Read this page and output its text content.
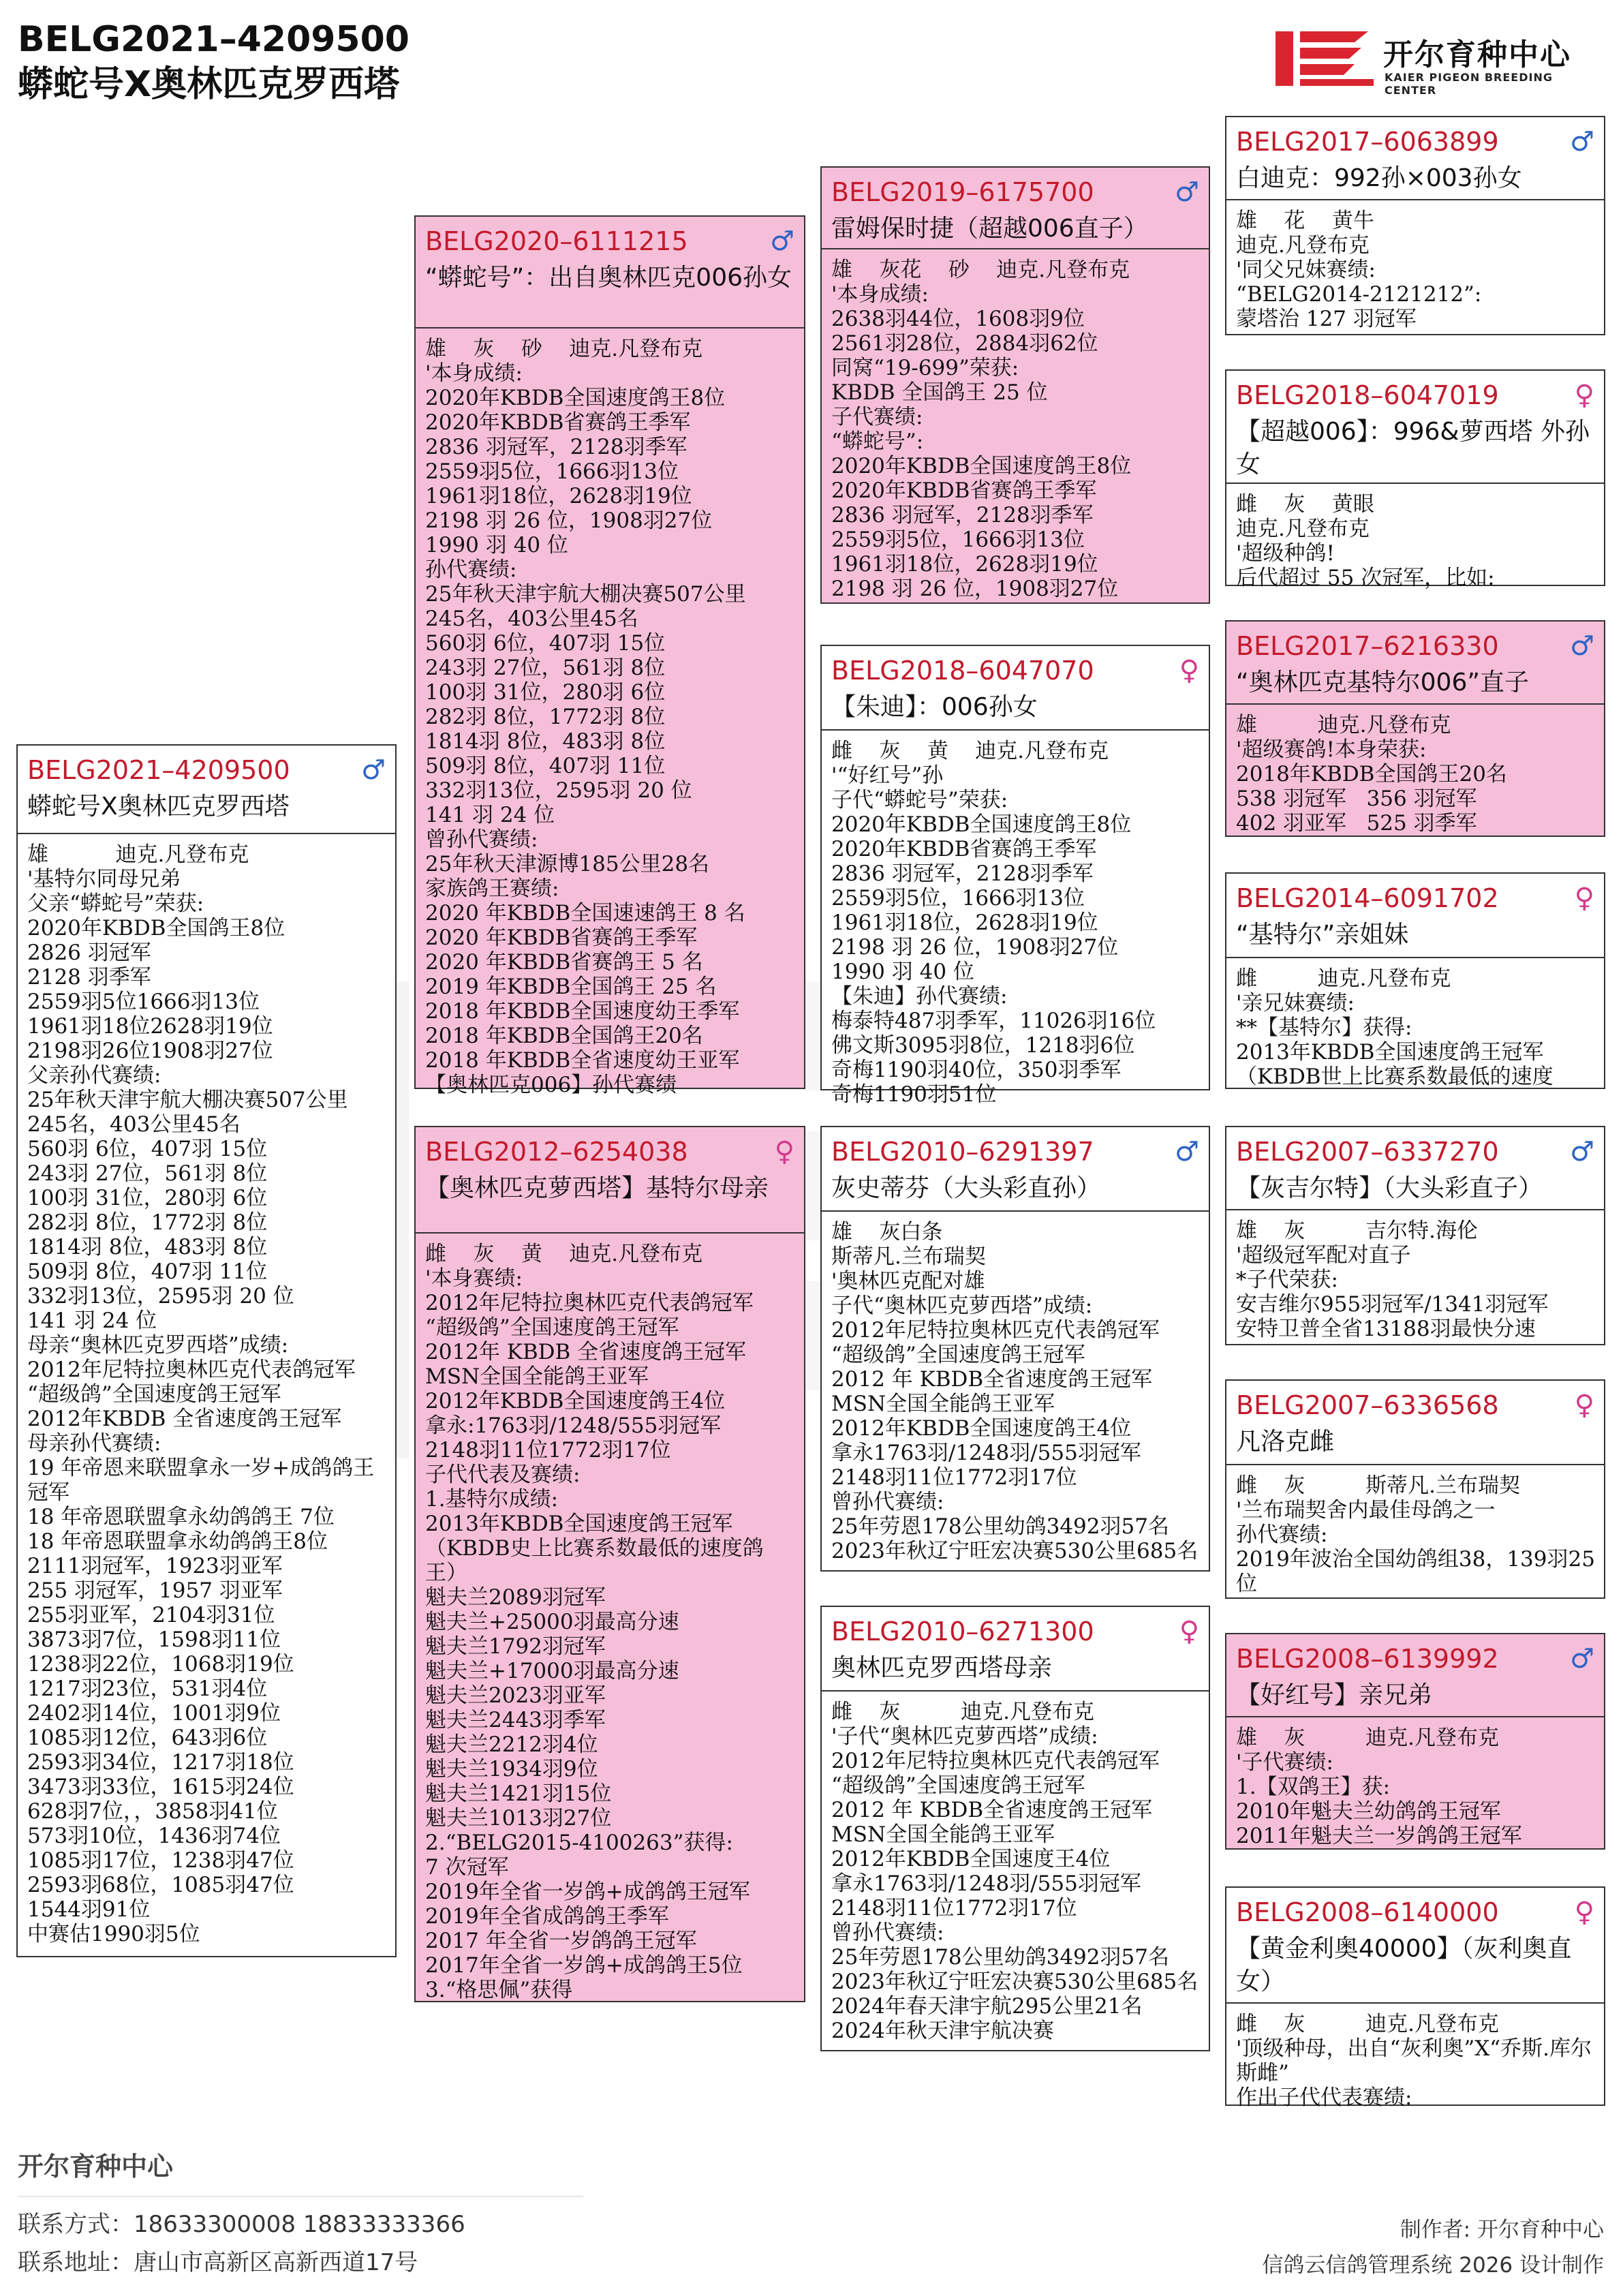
BELG2021–4209500
蟒蛇号X奥林匹克罗西塔
开尔育种中心
KAIER PIGEON BREEDING CENTER
BELG2021–4209500	♂
蟒蛇号X奥林匹克罗西塔
雄          迪克.凡登布克
'基特尔同母兄弟
父亲“蟒蛇号”荣获:
2020年KBDB全国鸽王8位
2826 羽冠军
2128 羽季军
2559羽5位1666羽13位
1961羽18位2628羽19位
2198羽26位1908羽27位
父亲孙代赛绩:
25年秋天津宇航大棚决赛507公里
245名，403公里45名
560羽 6位，407羽 15位
243羽 27位，561羽 8位
100羽 31位，280羽 6位
282羽 8位，1772羽 8位
1814羽 8位，483羽 8位
509羽 8位，407羽 11位
332羽13位，2595羽 20 位
141 羽 24 位
母亲“奥林匹克罗西塔”成绩:
2012年尼特拉奥林匹克代表鸽冠军
“超级鸽”全国速度鸽王冠军
2012年KBDB 全省速度鸽王冠军
母亲孙代赛绩:
19 年帝恩来联盟拿永一岁+成鸽鸽王冠军
18 年帝恩联盟拿永幼鸽鸽王 7位
18 年帝恩联盟拿永幼鸽鸽王8位
2111羽冠军，1923羽亚军
255 羽冠军，1957 羽亚军
255羽亚军，2104羽31位
3873羽7位，1598羽11位
1238羽22位，1068羽19位
1217羽23位，531羽4位
2402羽14位，1001羽9位
1085羽12位，643羽6位
2593羽34位，1217羽18位
3473羽33位，1615羽24位
628羽7位，，3858羽41位
573羽10位，1436羽74位
1085羽17位，1238羽47位
2593羽68位，1085羽47位
1544羽91位
中赛估1990羽5位
BELG2020–6111215	♂
“蟒蛇号”：出自奥林匹克006孙女
雄    灰    砂    迪克.凡登布克
'本身成绩:
2020年KBDB全国速度鸽王8位
2020年KBDB省赛鸽王季军
2836 羽冠军，2128羽季军
2559羽5位，1666羽13位
1961羽18位，2628羽19位
2198 羽 26 位，1908羽27位
1990 羽 40 位
孙代赛绩:
25年秋天津宇航大棚决赛507公里
245名，403公里45名
560羽 6位，407羽 15位
243羽 27位，561羽 8位
100羽 31位，280羽 6位
282羽 8位，1772羽 8位
1814羽 8位，483羽 8位
509羽 8位，407羽 11位
332羽13位，2595羽 20 位
141 羽 24 位
曾孙代赛绩:
25年秋天津源博185公里28名
家族鸽王赛绩:
2020 年KBDB全国速速鸽王 8 名
2020 年KBDB省赛鸽王季军
2020 年KBDB省赛鸽王 5 名
2019 年KBDB全国鸽王 25 名
2018 年KBDB全国速度幼王季军
2018 年KBDB全国鸽王20名
2018 年KBDB全省速度幼王亚军
【奥林匹克006】孙代赛绩
BELG2012–6254038	♀
【奥林匹克萝西塔】基特尔母亲
雌    灰    黄    迪克.凡登布克
'本身赛绩:
2012年尼特拉奥林匹克代表鸽冠军
“超级鸽”全国速度鸽王冠军
2012年 KBDB 全省速度鸽王冠军
MSN全国全能鸽王亚军
2012年KBDB全国速度鸽王4位
拿永:1763羽/1248/555羽冠军
2148羽11位1772羽17位
子代代表及赛绩:
1.基特尔成绩:
2013年KBDB全国速度鸽王冠军
（KBDB史上比赛系数最低的速度鸽王）
魁夫兰2089羽冠军
魁夫兰+25000羽最高分速
魁夫兰1792羽冠军
魁夫兰+17000羽最高分速
魁夫兰2023羽亚军
魁夫兰2443羽季军
魁夫兰2212羽4位
魁夫兰1934羽9位
魁夫兰1421羽15位
魁夫兰1013羽27位
2.“BELG2015-4100263”获得:
7 次冠军
2019年全省一岁鸽+成鸽鸽王冠军
2019年全省成鸽鸽王季军
2017 年全省一岁鸽鸽王冠军
2017年全省一岁鸽+成鸽鸽王5位
3.“格思佩”获得
BELG2019–6175700	♂
雷姆保时捷（超越006直子）
雄    灰花    砂    迪克.凡登布克
'本身成绩:
2638羽44位，1608羽9位
2561羽28位，2884羽62位
同窝“19-699”荣获:
KBDB 全国鸽王 25 位
子代赛绩:
“蟒蛇号”:
2020年KBDB全国速度鸽王8位
2020年KBDB省赛鸽王季军
2836 羽冠军，2128羽季军
2559羽5位，1666羽13位
1961羽18位，2628羽19位
2198 羽 26 位，1908羽27位
BELG2018–6047070	♀
【朱迪】：006孙女
雌    灰    黄    迪克.凡登布克
'“好红号”孙
子代“蟒蛇号”荣获:
2020年KBDB全国速度鸽王8位
2020年KBDB省赛鸽王季军
2836 羽冠军，2128羽季军
2559羽5位，1666羽13位
1961羽18位，2628羽19位
2198 羽 26 位，1908羽27位
1990 羽 40 位
【朱迪】孙代赛绩:
梅泰特487羽季军，11026羽16位
佛文斯3095羽8位，1218羽6位
奇梅1190羽40位，350羽季军
奇梅1190羽51位
BELG2010–6291397	♂
灰史蒂芬（大头彩直孙）
雄    灰白条
斯蒂凡.兰布瑞契
'奥林匹克配对雄
子代“奥林匹克萝西塔”成绩:
2012年尼特拉奥林匹克代表鸽冠军
“超级鸽”全国速度鸽王冠军
2012 年 KBDB全省速度鸽王冠军
MSN全国全能鸽王亚军
2012年KBDB全国速度鸽王4位
拿永1763羽/1248羽/555羽冠军
2148羽11位1772羽17位
曾孙代赛绩:
25年劳恩178公里幼鸽3492羽57名
2023年秋辽宁旺宏决赛530公里685名
BELG2010–6271300	♀
奥林匹克罗西塔母亲
雌    灰         迪克.凡登布克
'子代“奥林匹克萝西塔”成绩:
2012年尼特拉奥林匹克代表鸽冠军
“超级鸽”全国速度鸽王冠军
2012 年 KBDB全省速度鸽王冠军
MSN全国全能鸽王亚军
2012年KBDB全国速度王4位
拿永1763羽/1248羽/555羽冠军
2148羽11位1772羽17位
曾孙代赛绩:
25年劳恩178公里幼鸽3492羽57名
2023年秋辽宁旺宏决赛530公里685名
2024年春天津宇航295公里21名
2024年秋天津宇航决赛
BELG2017–6063899	♂
白迪克：992孙×003孙女
雄    花    黄牛
迪克.凡登布克
'同父兄妹赛绩:
“BELG2014-2121212”:
蒙塔治 127 羽冠军
BELG2018–6047019	♀
【超越006】：996&萝西塔 外孙女
雌    灰    黄眼
迪克.凡登布克
'超级种鸽!
后代超过 55 次冠军，比如:
BELG2017–6216330	♂
“奥林匹克基特尔006”直子
雄         迪克.凡登布克
'超级赛鸽!本身荣获:
2018年KBDB全国鸽王20名
538 羽冠军   356 羽冠军
402 羽亚军   525 羽季军
BELG2014–6091702	♀
“基特尔”亲姐妹
雌         迪克.凡登布克
'亲兄妹赛绩:
**【基特尔】获得:
2013年KBDB全国速度鸽王冠军
（KBDB世上比赛系数最低的速度
BELG2007–6337270	♂
【灰吉尔特】（大头彩直子）
雄    灰         吉尔特.海伦
'超级冠军配对直子
*子代荣获:
安吉维尔955羽冠军/1341羽冠军
安特卫普全省13188羽最快分速
BELG2007–6336568	♀
凡洛克雌
雌    灰         斯蒂凡.兰布瑞契
'兰布瑞契舍内最佳母鸽之一
孙代赛绩:
2019年波治全国幼鸽组38，139羽25位
BELG2008–6139992	♂
【好红号】亲兄弟
雄    灰         迪克.凡登布克
'子代赛绩:
1.【双鸽王】获:
2010年魁夫兰幼鸽鸽王冠军
2011年魁夫兰一岁鸽鸽王冠军
BELG2008–6140000	♀
【黄金利奥40000】（灰利奥直女）
雌    灰         迪克.凡登布克
'顶级种母，出自“灰利奥”X“乔斯.库尔斯雌”
作出子代代表赛绩:
开尔育种中心
联系方式：18633300008 18833333366
联系地址：唐山市高新区高新西道17号
制作者: 开尔育种中心
信鸽云信鸽管理系统 2026 设计制作
